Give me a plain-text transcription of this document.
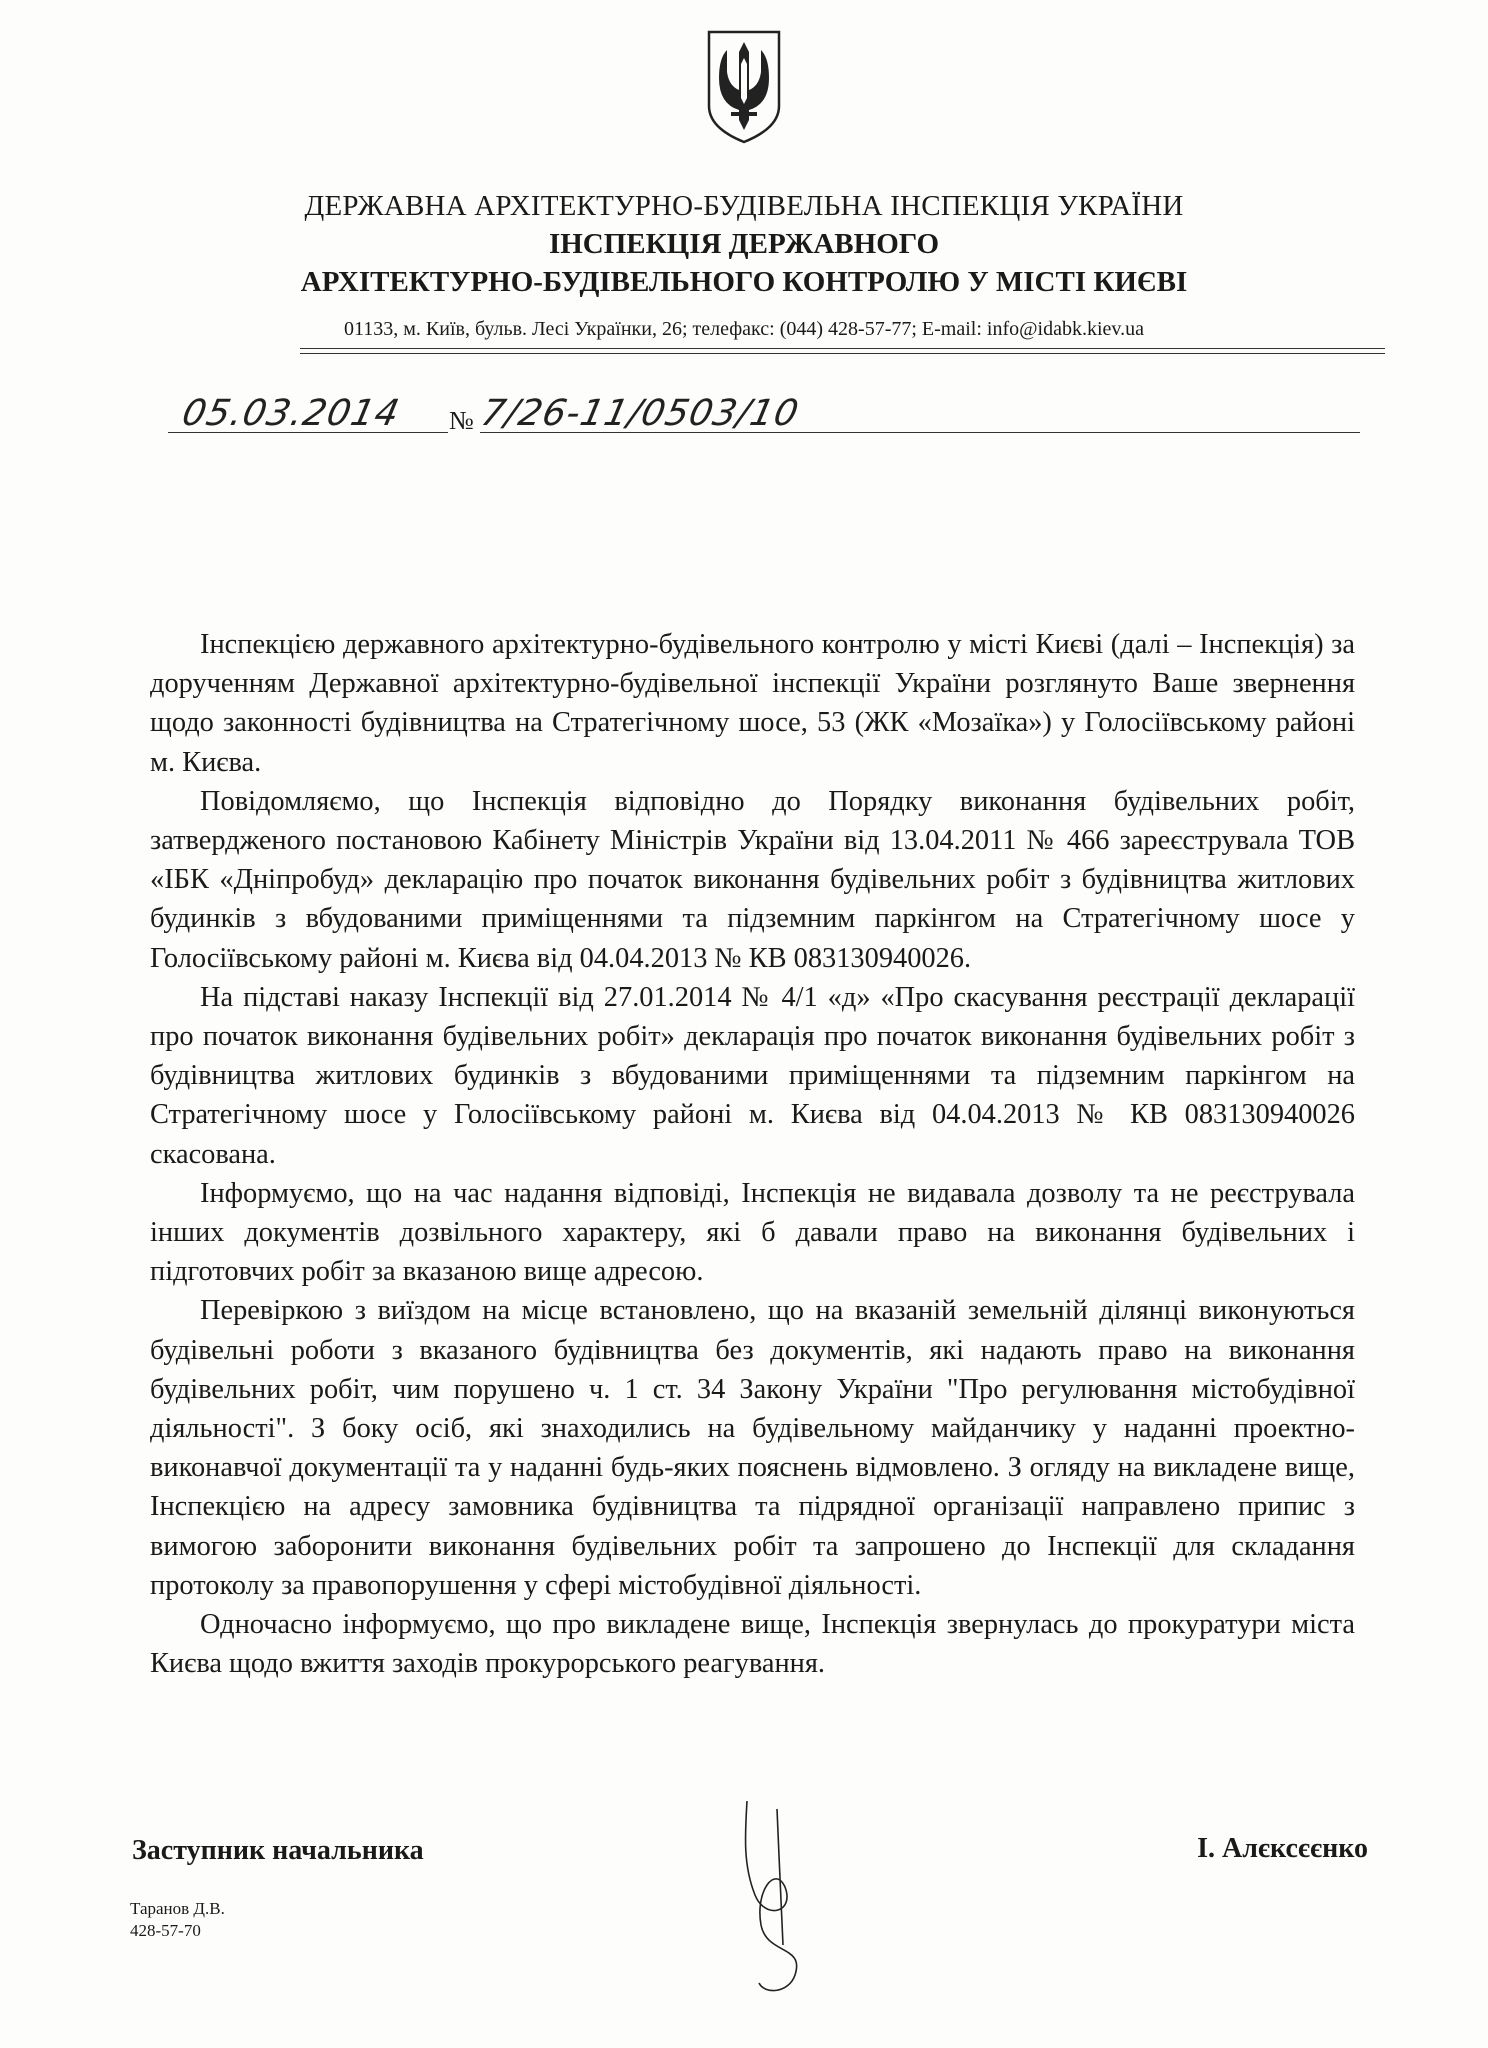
ДЕРЖАВНА АРХІТЕКТУРНО-БУДІВЕЛЬНА ІНСПЕКЦІЯ УКРАЇНИ
ІНСПЕКЦІЯ ДЕРЖАВНОГО
АРХІТЕКТУРНО-БУДІВЕЛЬНОГО КОНТРОЛЮ У МІСТІ КИЄВІ
01133, м. Київ, бульв. Лесі Українки, 26; телефакс: (044) 428-57-77; E-mail: info@idabk.kiev.ua
05.03.2014 № 7/26-11/0503/10

Інспекцією державного архітектурно-будівельного контролю у місті Києві (далі – Інспекція) за дорученням Державної архітектурно-будівельної інспекції України розглянуто Ваше звернення щодо законності будівництва на Стратегічному шосе, 53 (ЖК «Мозаїка») у Голосіївському районі м. Києва.

Повідомляємо, що Інспекція відповідно до Порядку виконання будівельних робіт, затвердженого постановою Кабінету Міністрів України від 13.04.2011 № 466 зареєструвала ТОВ «ІБК «Дніпробуд» декларацію про початок виконання будівельних робіт з будівництва житлових будинків з вбудованими приміщеннями та підземним паркінгом на Стратегічному шосе у Голосіївському районі м. Києва від 04.04.2013 № КВ 083130940026.

На підставі наказу Інспекції від 27.01.2014 № 4/1 «д» «Про скасування реєстрації декларації про початок виконання будівельних робіт» декларація про початок виконання будівельних робіт з будівництва житлових будинків з вбудованими приміщеннями та підземним паркінгом на Стратегічному шосе у Голосіївському районі м. Києва від 04.04.2013 № КВ 083130940026 скасована.

Інформуємо, що на час надання відповіді, Інспекція не видавала дозволу та не реєструвала інших документів дозвільного характеру, які б давали право на виконання будівельних і підготовчих робіт за вказаною вище адресою.

Перевіркою з виїздом на місце встановлено, що на вказаній земельній ділянці виконуються будівельні роботи з вказаного будівництва без документів, які надають право на виконання будівельних робіт, чим порушено ч. 1 ст. 34 Закону України "Про регулювання містобудівної діяльності". З боку осіб, які знаходились на будівельному майданчику у наданні проектно-виконавчої документації та у наданні будь-яких пояснень відмовлено. З огляду на викладене вище, Інспекцією на адресу замовника будівництва та підрядної організації направлено припис з вимогою заборонити виконання будівельних робіт та запрошено до Інспекції для складання протоколу за правопорушення у сфері містобудівної діяльності.

Одночасно інформуємо, що про викладене вище, Інспекція звернулась до прокуратури міста Києва щодо вжиття заходів прокурорського реагування.

Заступник начальника	І. Алєксєєнко
Таранов Д.В.
428-57-70
